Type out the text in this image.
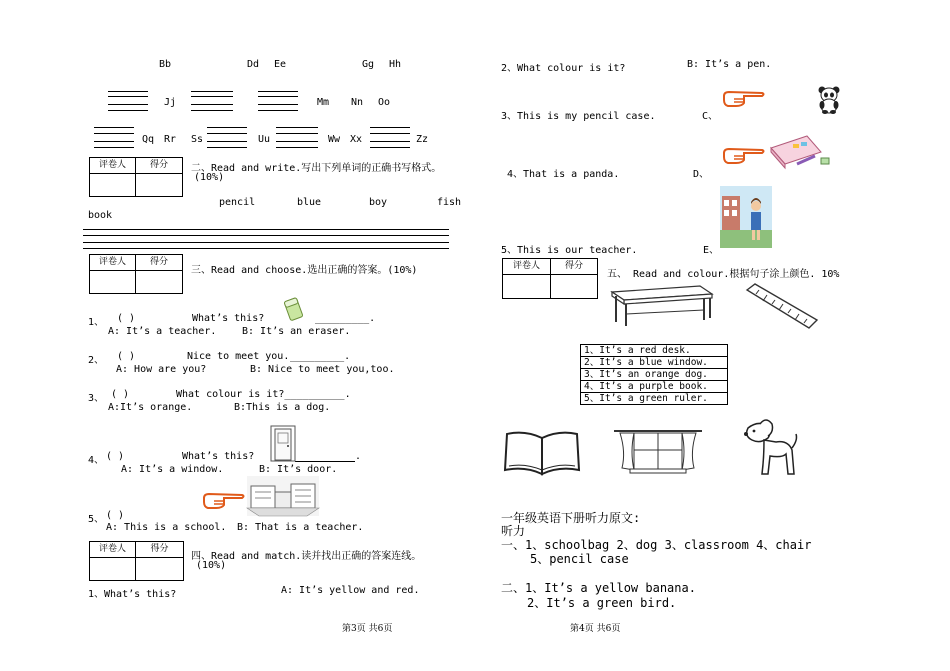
Bb	Dd Ee	Gg Hh
Jj	Mm Nn Oo
Qq Rr Ss	Uu	Ww Xx	Zz
评卷人	得分	二、Read and write.写出下列单词的正确书写格式。
(10%)
pencil	blue	boy	fish
book
评卷人	得分
三、Read and choose.选出正确的答案。(10%)
1、 ( )	What’s this?	_________.
A: It’s a teacher.	B: It’s an eraser.
2、 ( )	Nice to meet you. _________.
A: How are you?	B: Nice to meet you,too.
3、 ( )	What colour is it?__________.
A:It’s orange.	B:This is a dog.
4、 ( )	What’s this?	.
A: It’s a window.	B: It’s door.
5、 ( )
A: This is a school. B: That is a teacher.
评卷人	得分
四、Read and match.读并找出正确的答案连线。
(10%)
1、What’s this?	A: It’s yellow and red.
第3页 共6页
2、What colour is it?	B: It’s a pen.
3、This is my pencil case.	C、
4、That is a panda.	D、
5、This is our teacher.	E、
评卷人	得分
五、 Read and colour.根据句子涂上颜色. 10%
1、It’s a red desk.
2、It’s a blue window.
3、It’s an orange dog.
4、It’s a purple book.
5、It’s a green ruler.
一年级英语下册听力原文:
听力
一、1、schoolbag 2、dog 3、classroom 4、chair
5、pencil case
二、1、It’s a yellow banana.
2、It’s a green bird.
第4页 共6页
